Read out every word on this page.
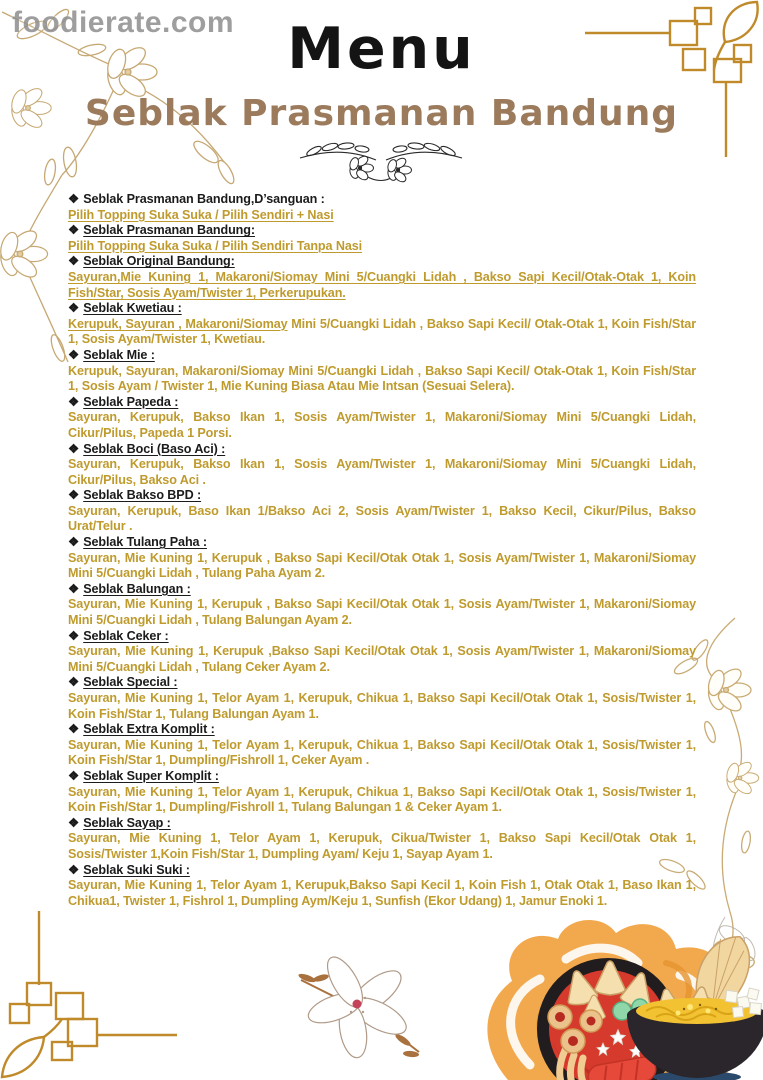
foodierate.com Menu
Seblak Prasmanan Bandung
❖ Seblak Prasmanan Bandung,D’sanguan :
Pilih Topping Suka Suka / Pilih Sendiri + Nasi
❖ Seblak Prasmanan Bandung:
Pilih Topping Suka Suka / Pilih Sendiri Tanpa Nasi
❖ Seblak Original Bandung:
Sayuran,Mie Kuning 1, Makaroni/Siomay Mini 5/Cuangki Lidah , Bakso Sapi Kecil/Otak-Otak 1, Koin Fish/Star, Sosis Ayam/Twister 1, Perkerupukan.
❖ Seblak Kwetiau :
Kerupuk, Sayuran , Makaroni/Siomay Mini 5/Cuangki Lidah , Bakso Sapi Kecil/ Otak-Otak 1, Koin Fish/Star 1, Sosis Ayam/Twister 1, Kwetiau.
❖ Seblak Mie :
Kerupuk, Sayuran, Makaroni/Siomay Mini 5/Cuangki Lidah , Bakso Sapi Kecil/ Otak-Otak 1, Koin Fish/Star 1, Sosis Ayam / Twister 1, Mie Kuning Biasa Atau Mie Intsan (Sesuai Selera).
❖ Seblak Papeda :
Sayuran, Kerupuk, Bakso Ikan 1, Sosis Ayam/Twister 1, Makaroni/Siomay Mini 5/Cuangki Lidah, Cikur/Pilus, Papeda 1 Porsi.
❖ Seblak Boci (Baso Aci) :
Sayuran, Kerupuk, Bakso Ikan 1, Sosis Ayam/Twister 1, Makaroni/Siomay Mini 5/Cuangki Lidah, Cikur/Pilus, Bakso Aci .
❖ Seblak Bakso BPD :
Sayuran, Kerupuk, Baso Ikan 1/Bakso Aci 2, Sosis Ayam/Twister 1, Bakso Kecil, Cikur/Pilus, Bakso Urat/Telur .
❖ Seblak Tulang Paha :
Sayuran, Mie Kuning 1, Kerupuk , Bakso Sapi Kecil/Otak Otak 1, Sosis Ayam/Twister 1, Makaroni/Siomay Mini 5/Cuangki Lidah , Tulang Paha Ayam 2.
❖ Seblak Balungan :
Sayuran, Mie Kuning 1, Kerupuk , Bakso Sapi Kecil/Otak Otak 1, Sosis Ayam/Twister 1, Makaroni/Siomay Mini 5/Cuangki Lidah , Tulang Balungan Ayam 2.
❖ Seblak Ceker :
Sayuran, Mie Kuning 1, Kerupuk ,Bakso Sapi Kecil/Otak Otak 1, Sosis Ayam/Twister 1, Makaroni/Siomay Mini 5/Cuangki Lidah , Tulang Ceker Ayam 2.
❖ Seblak Special :
Sayuran, Mie Kuning 1, Telor Ayam 1, Kerupuk, Chikua 1, Bakso Sapi Kecil/Otak Otak 1, Sosis/Twister 1, Koin Fish/Star 1, Tulang Balungan Ayam 1.
❖ Seblak Extra Komplit :
Sayuran, Mie Kuning 1, Telor Ayam 1, Kerupuk, Chikua 1, Bakso Sapi Kecil/Otak Otak 1, Sosis/Twister 1, Koin Fish/Star 1, Dumpling/Fishroll 1, Ceker Ayam .
❖ Seblak Super Komplit :
Sayuran, Mie Kuning 1, Telor Ayam 1, Kerupuk, Chikua 1, Bakso Sapi Kecil/Otak Otak 1, Sosis/Twister 1, Koin Fish/Star 1, Dumpling/Fishroll 1, Tulang Balungan 1 & Ceker Ayam 1.
❖ Seblak Sayap :
Sayuran, Mie Kuning 1, Telor Ayam 1, Kerupuk, Cikua/Twister 1, Bakso Sapi Kecil/Otak Otak 1, Sosis/Twister 1,Koin Fish/Star 1, Dumpling Ayam/ Keju 1, Sayap Ayam 1.
❖ Seblak Suki Suki :
Sayuran, Mie Kuning 1, Telor Ayam 1, Kerupuk,Bakso Sapi Kecil 1, Koin Fish 1, Otak Otak 1, Baso Ikan 1, Chikua1, Twister 1, Fishrol 1, Dumpling Aym/Keju 1, Sunfish (Ekor Udang) 1, Jamur Enoki 1.
